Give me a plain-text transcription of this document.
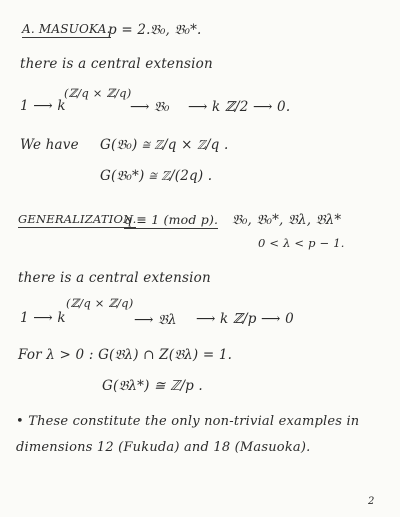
A. MASUOKA.
p = 2. 𝔅₀, 𝔅₀*.
there is a central extension
(ℤ/q × ℤ/q)
1 ⟶ k	⟶ 𝔅₀ ⟶ k ℤ/2 ⟶ 0.
We have G(𝔅₀) ≅ ℤ/q × ℤ/q .
G(𝔅₀*) ≅ ℤ/(2q) .
GENERALIZATION.
q ≡ 1 (mod p). 𝔅₀, 𝔅₀*, 𝔅λ, 𝔅λ*
0 < λ < p − 1.
there is a central extension
(ℤ/q × ℤ/q)
1 ⟶ k	⟶ 𝔅λ ⟶ k ℤ/p ⟶ 0
For λ > 0 : G(𝔅λ) ∩ Z(𝔅λ) = 1.
G(𝔅λ*) ≅ ℤ/p .
• These constitute the only non-trivial examples in
dimensions 12 (Fukuda) and 18 (Masuoka).
2
